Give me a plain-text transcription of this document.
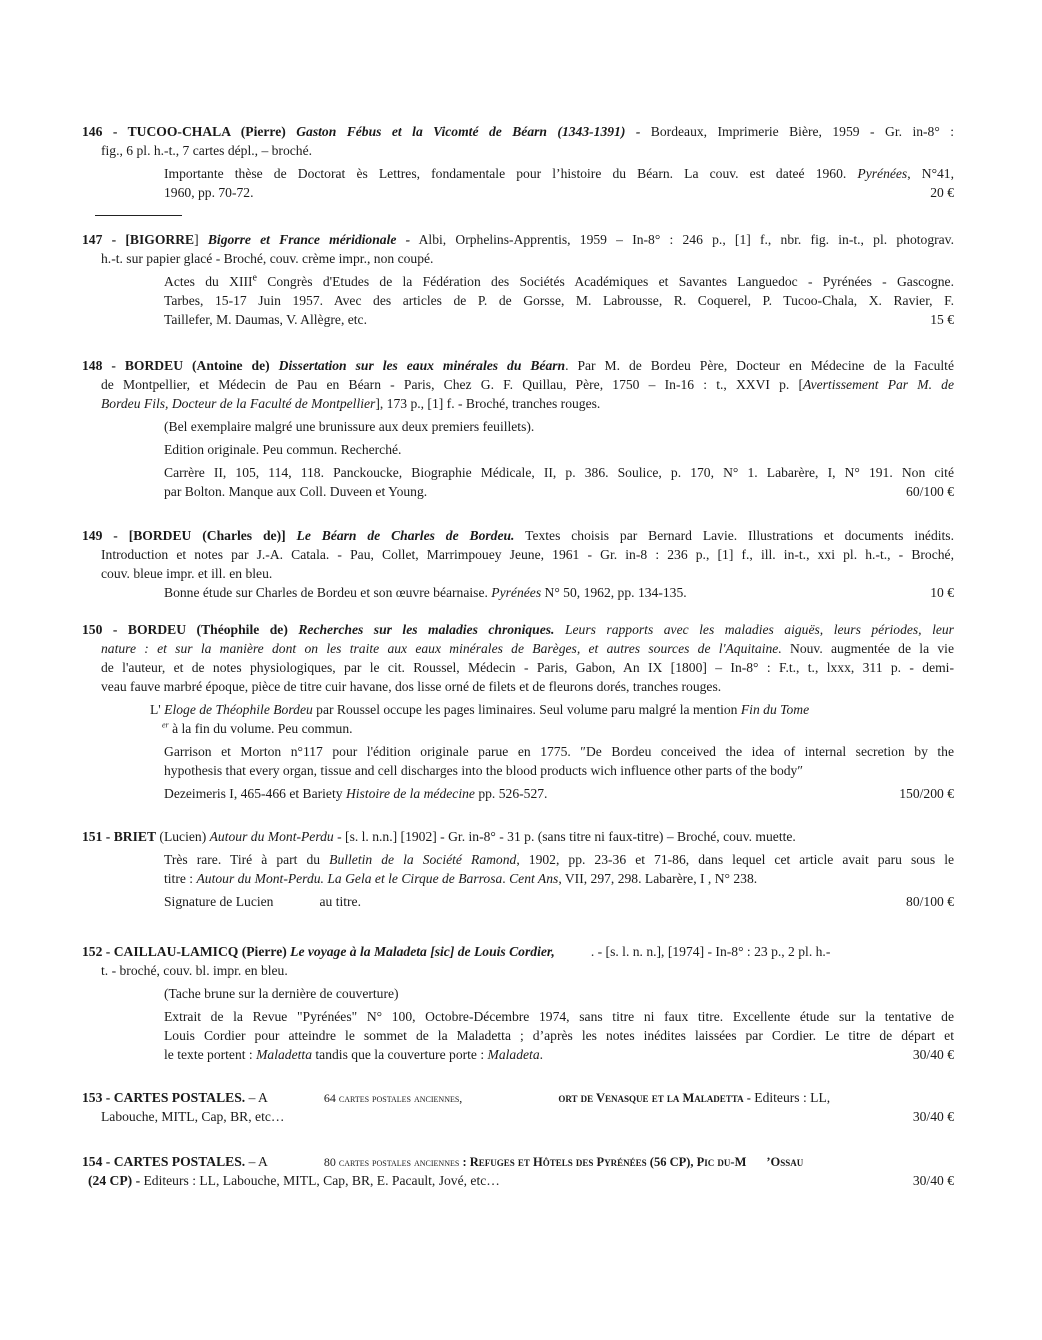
146 - TUCOO-CHALA (Pierre) Gaston Fébus et la Vicomté de Béarn (1343-1391) - Bordeaux, Imprimerie Bière, 1959 - Gr. in-8° :
fig., 6 pl. h.-t., 7 cartes dépl., – broché.
Importante thèse de Doctorat ès Lettres, fondamentale pour l’histoire du Béarn. La couv. est dateé 1960. Pyrénées, N°41,
1960, pp. 70-72.	20 €
147 - [BIGORRE] Bigorre et France méridionale - Albi, Orphelins-Apprentis, 1959 – In-8° : 246 p., [1] f., nbr. fig. in-t., pl. photograv.
h.-t. sur papier glacé - Broché, couv. crème impr., non coupé.
Actes du XIIIe Congrès d'Etudes de la Fédération des Sociétés Académiques et Savantes Languedoc - Pyrénées - Gascogne.
Tarbes, 15-17 Juin 1957. Avec des articles de P. de Gorsse, M. Labrousse, R. Coquerel, P. Tucoo-Chala, X. Ravier, F.
Taillefer, M. Daumas, V. Allègre, etc.	15 €
148 - BORDEU (Antoine de) Dissertation sur les eaux minérales du Béarn. Par M. de Bordeu Père, Docteur en Médecine de la Faculté
de Montpellier, et Médecin de Pau en Béarn - Paris, Chez G. F. Quillau, Père, 1750 – In-16 : t., XXVI p. [Avertissement Par M. de
Bordeu Fils, Docteur de la Faculté de Montpellier], 173 p., [1] f. - Broché, tranches rouges.
(Bel exemplaire malgré une brunissure aux deux premiers feuillets).
Edition originale. Peu commun. Recherché.
Carrère II, 105, 114, 118. Panckoucke, Biographie Médicale, II, p. 386. Soulice, p. 170, N° 1. Labarère, I, N° 191. Non cité
par Bolton. Manque aux Coll. Duveen et Young.	60/100 €
149 - [BORDEU (Charles de)] Le Béarn de Charles de Bordeu. Textes choisis par Bernard Lavie. Illustrations et documents inédits.
Introduction et notes par J.-A. Catala. - Pau, Collet, Marrimpouey Jeune, 1961 - Gr. in-8 : 236 p., [1] f., ill. in-t., xxi pl. h.-t., - Broché,
couv. bleue impr. et ill. en bleu.
Bonne étude sur Charles de Bordeu et son œuvre béarnaise. Pyrénées N° 50, 1962, pp. 134-135.	10 €
150 - BORDEU (Théophile de) Recherches sur les maladies chroniques. Leurs rapports avec les maladies aiguës, leurs périodes, leur
nature : et sur la manière dont on les traite aux eaux minérales de Barèges, et autres sources de l'Aquitaine. Nouv. augmentée de la vie
de l'auteur, et de notes physiologiques, par le cit. Roussel, Médecin - Paris, Gabon, An IX [1800] – In-8° : F.t., t., lxxx, 311 p. - demi-
veau fauve marbré époque, pièce de titre cuir havane, dos lisse orné de filets et de fleurons dorés, tranches rouges.
L' Eloge de Théophile Bordeu par Roussel occupe les pages liminaires. Seul volume paru malgré la mention Fin du Tome
$^{er}$ à la fin du volume. Peu commun.
Garrison et Morton n°117 pour l'édition originale parue en 1775. ″De Bordeu conceived the idea of internal secretion by the
hypothesis that every organ, tissue and cell discharges into the blood products wich influence other parts of the body″
Dezeimeris I, 465-466 et Bariety Histoire de la médecine pp. 526-527.	150/200 €
151 - BRIET (Lucien) Autour du Mont-Perdu - [s. l. n.n.] [1902] - Gr. in-8° - 31 p. (sans titre ni faux-titre) – Broché, couv. muette.
Très rare. Tiré à part du Bulletin de la Société Ramond, 1902, pp. 23-36 et 71-86, dans lequel cet article avait paru sous le
titre : Autour du Mont-Perdu. La Gela et le Cirque de Barrosa. Cent Ans, VII, 297, 298. Labarère, I , N° 238.
Signature de Lucien	au titre.	80/100 €
152 - CAILLAU-LAMICQ (Pierre) Le voyage à la Maladeta [sic] de Louis Cordier,	. - [s. l. n. n.], [1974] - In-8° : 23 p., 2 pl. h.-
t. - broché, couv. bl. impr. en bleu.
(Tache brune sur la dernière de couverture)
Extrait de la Revue "Pyrénées" N° 100, Octobre-Décembre 1974, sans titre ni faux titre. Excellente étude sur la tentative de
Louis Cordier pour atteindre le sommet de la Maladetta ; d’après les notes inédites laissées par Cordier. Le titre de départ et
le texte portent : Maladetta tandis que la couverture porte : Maladeta.	30/40 €
153 - CARTES POSTALES. – A	64 cartes postales anciennes,	ort de Venasque et la Maladetta - Editeurs : LL,
Labouche, MITL, Cap, BR, etc…	30/40 €
154 - CARTES POSTALES. – A	80 cartes postales anciennes : Refuges et Hôtels des Pyrénées (56 CP), Pic du-M ’Ossau
(24 CP) - Editeurs : LL, Labouche, MITL, Cap, BR, E. Pacault, Jové, etc…	30/40 €
